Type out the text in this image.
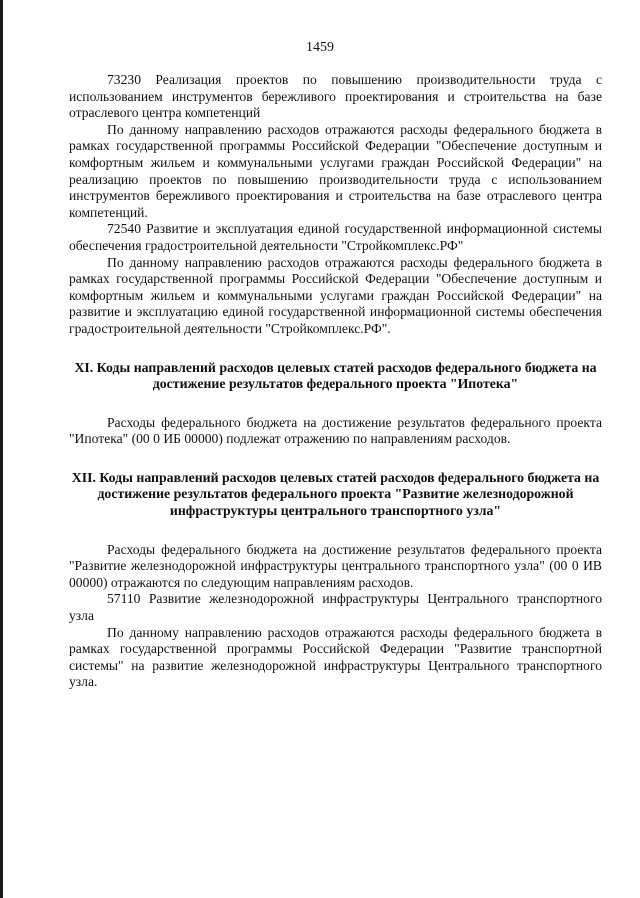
1459

73230 Реализация проектов по повышению производительности труда с использованием инструментов бережливого проектирования и строительства на базе отраслевого центра компетенций

По данному направлению расходов отражаются расходы федерального бюджета в рамках государственной программы Российской Федерации "Обеспечение доступным и комфортным жильем и коммунальными услугами граждан Российской Федерации" на реализацию проектов по повышению производительности труда с использованием инструментов бережливого проектирования и строительства на базе отраслевого центра компетенций.

72540 Развитие и эксплуатация единой государственной информационной системы обеспечения градостроительной деятельности "Стройкомплекс.РФ"

По данному направлению расходов отражаются расходы федерального бюджета в рамках государственной программы Российской Федерации "Обеспечение доступным и комфортным жильем и коммунальными услугами граждан Российской Федерации" на развитие и эксплуатацию единой государственной информационной системы обеспечения градостроительной деятельности "Стройкомплекс.РФ".

XI. Коды направлений расходов целевых статей расходов федерального бюджета на достижение результатов федерального проекта "Ипотека"

Расходы федерального бюджета на достижение результатов федерального проекта "Ипотека" (00 0 ИБ 00000) подлежат отражению по направлениям расходов.

XII. Коды направлений расходов целевых статей расходов федерального бюджета на достижение результатов федерального проекта "Развитие железнодорожной инфраструктуры центрального транспортного узла"

Расходы федерального бюджета на достижение результатов федерального проекта "Развитие железнодорожной инфраструктуры центрального транспортного узла" (00 0 ИВ 00000) отражаются по следующим направлениям расходов.

57110 Развитие железнодорожной инфраструктуры Центрального транспортного узла

По данному направлению расходов отражаются расходы федерального бюджета в рамках государственной программы Российской Федерации "Развитие транспортной системы" на развитие железнодорожной инфраструктуры Центрального транспортного узла.
